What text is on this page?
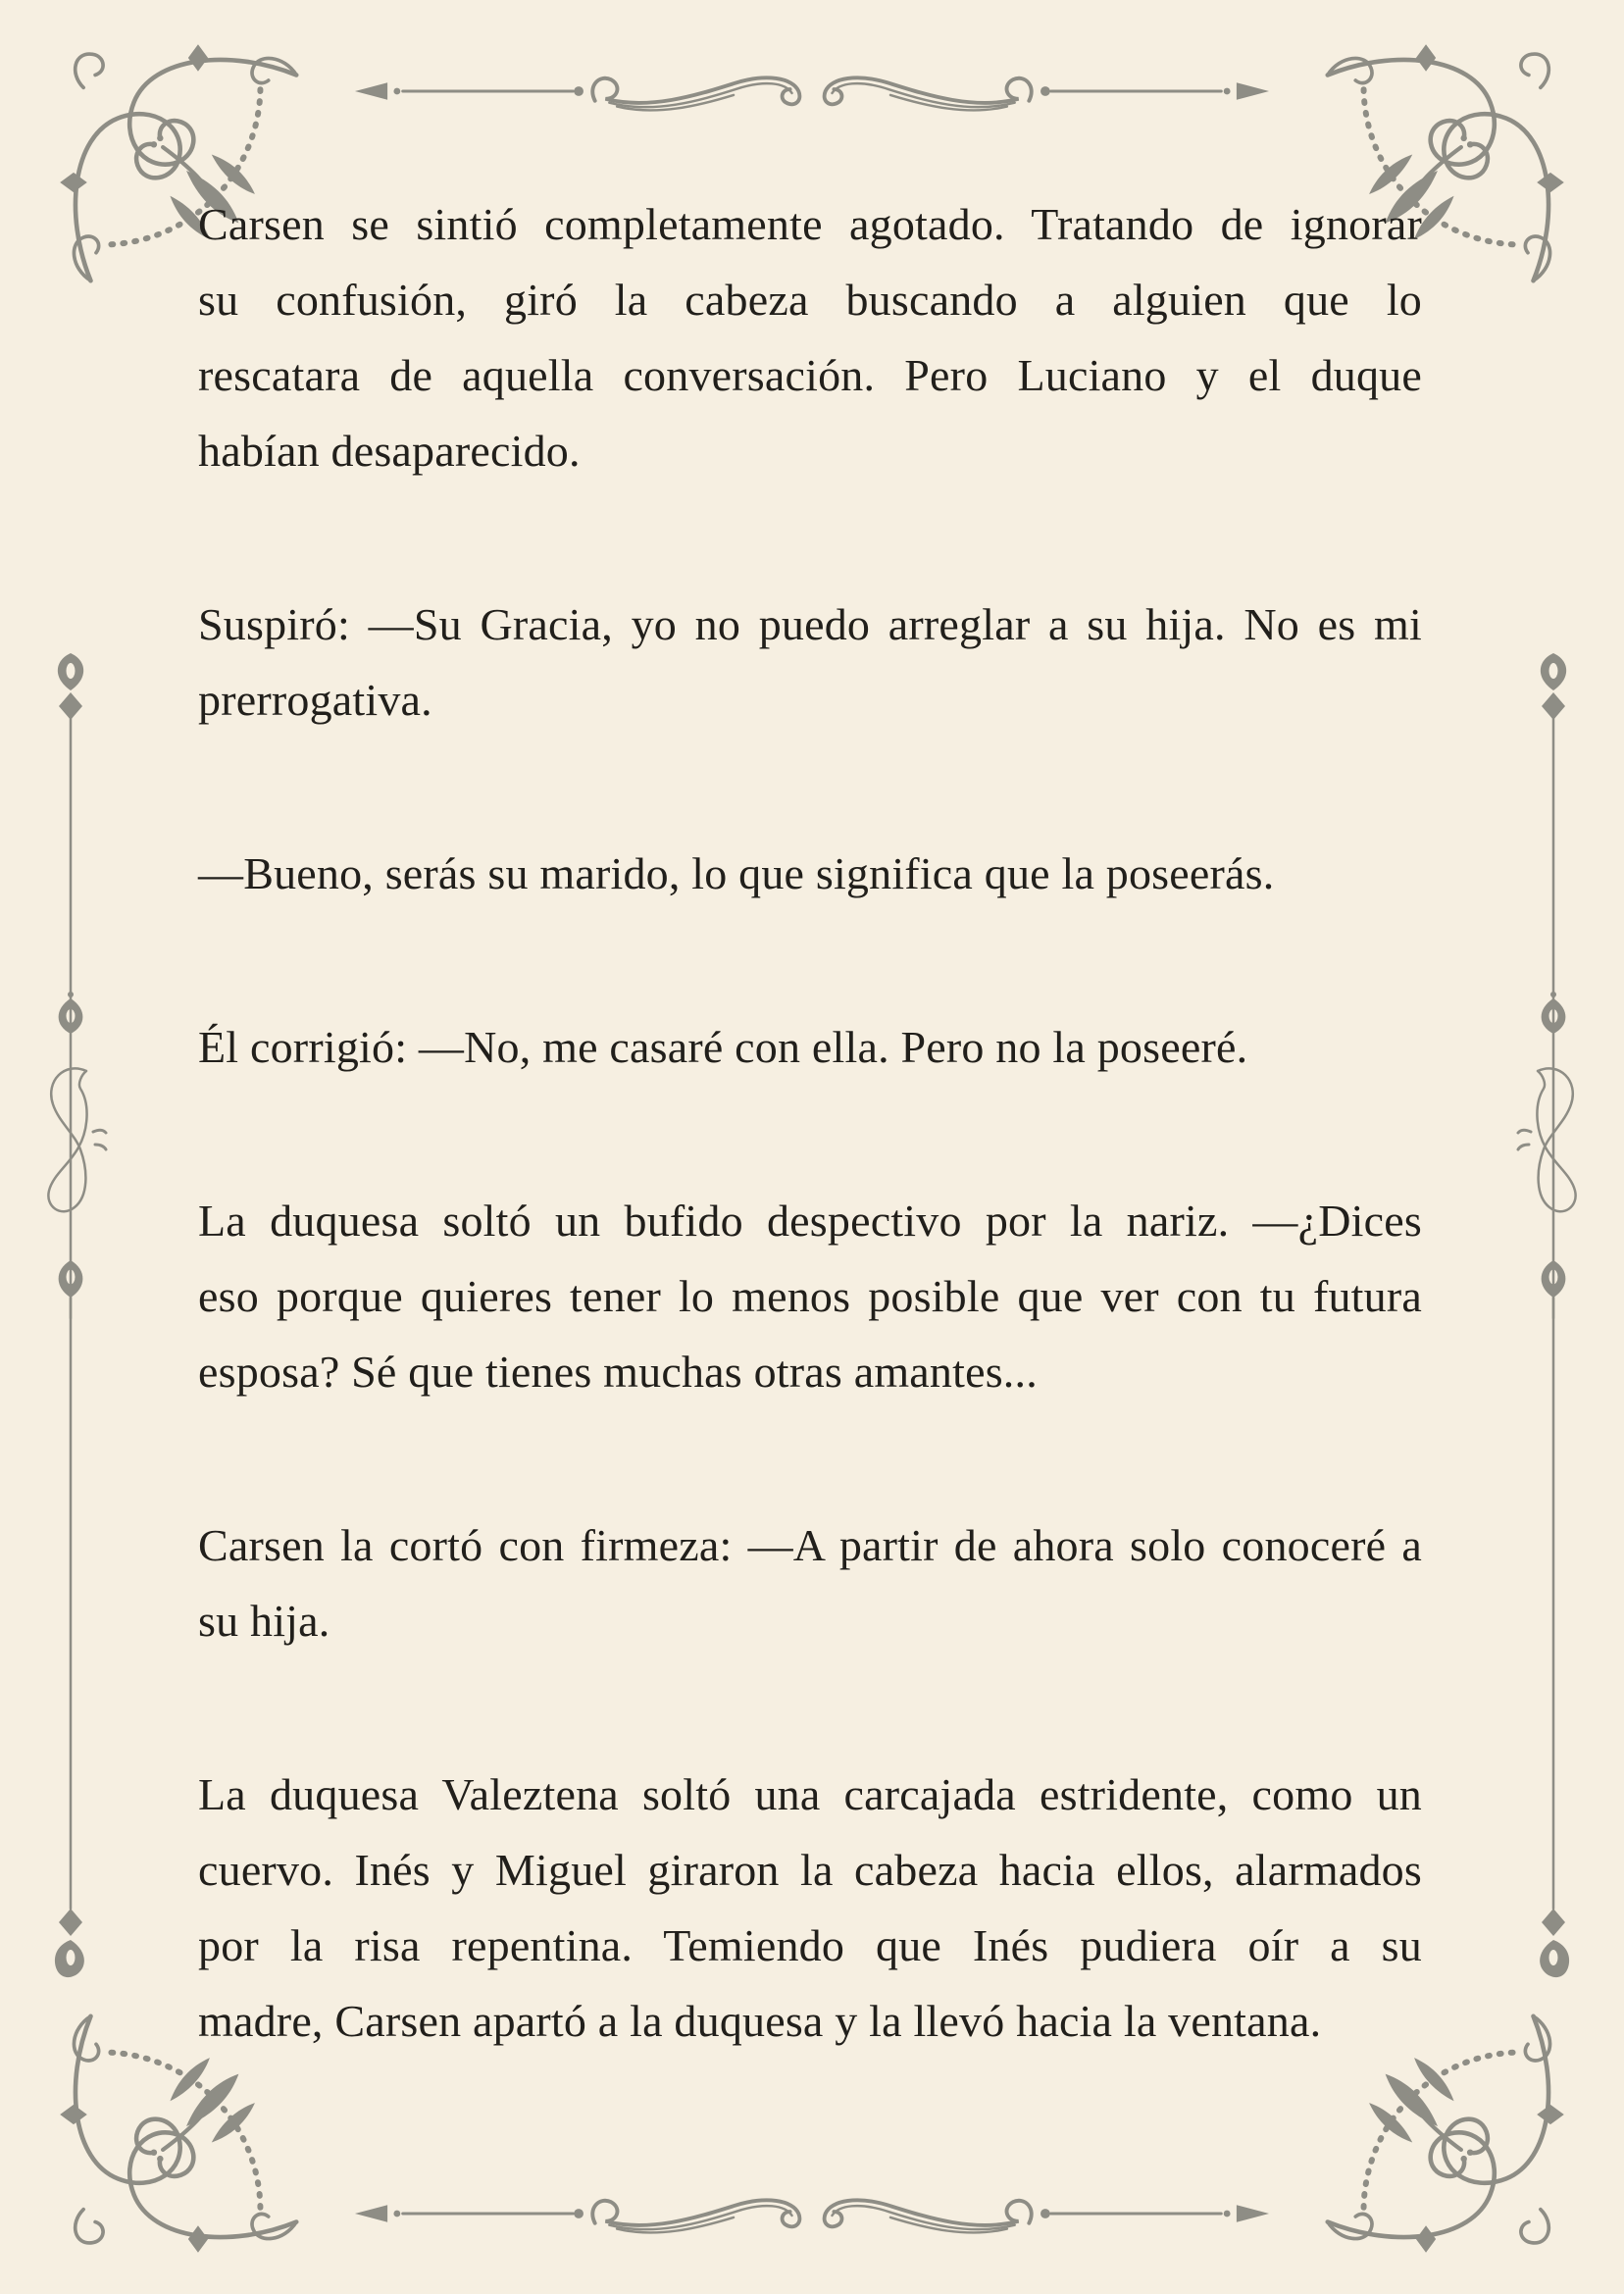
Carsen se sintió completamente agotado. Tratando de ignorar
su confusión, giró la cabeza buscando a alguien que lo
rescatara de aquella conversación. Pero Luciano y el duque
habían desaparecido.
Suspiró: —Su Gracia, yo no puedo arreglar a su hija. No es mi
prerrogativa.
—Bueno, serás su marido, lo que significa que la poseerás.
Él corrigió: —No, me casaré con ella. Pero no la poseeré.
La duquesa soltó un bufido despectivo por la nariz. —¿Dices
eso porque quieres tener lo menos posible que ver con tu futura
esposa? Sé que tienes muchas otras amantes...
Carsen la cortó con firmeza: —A partir de ahora solo conoceré a
su hija.
La duquesa Valeztena soltó una carcajada estridente, como un
cuervo. Inés y Miguel giraron la cabeza hacia ellos, alarmados
por la risa repentina. Temiendo que Inés pudiera oír a su
madre, Carsen apartó a la duquesa y la llevó hacia la ventana.
